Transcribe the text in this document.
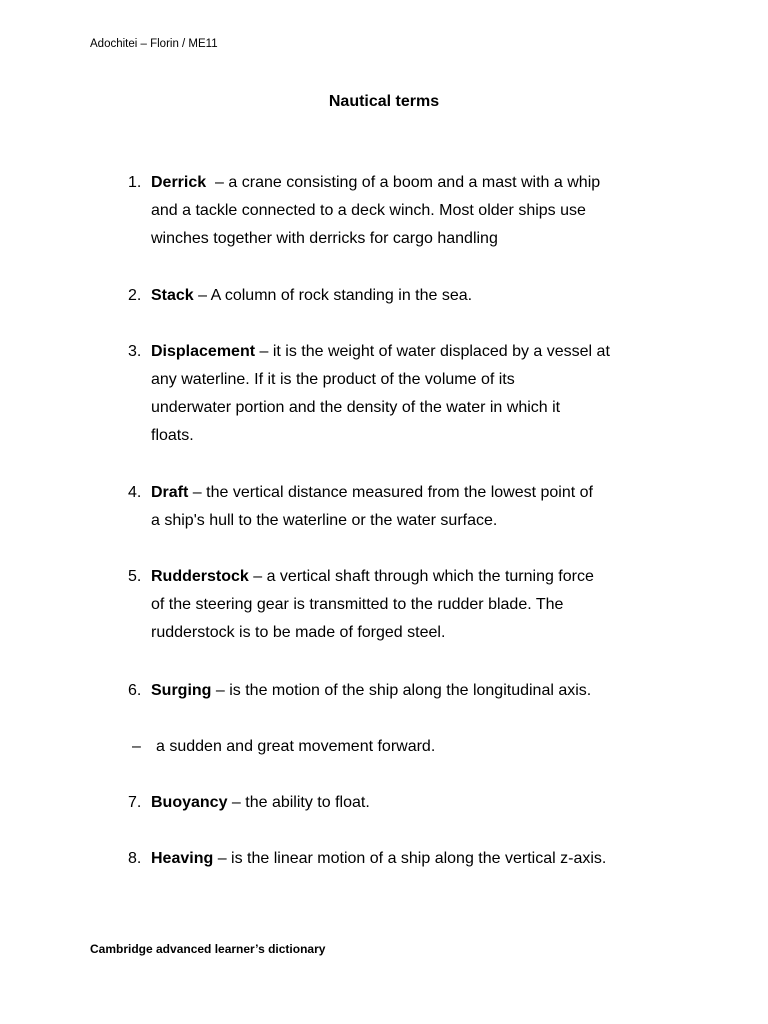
Adochitei – Florin / ME11
Nautical terms
1. Derrick  – a crane consisting of a boom and a mast with a whip
and a tackle connected to a deck winch. Most older ships use
winches together with derricks for cargo handling
2. Stack – A column of rock standing in the sea.
3. Displacement – it is the weight of water displaced by a vessel at
any waterline. If it is the product of the volume of its
underwater portion and the density of the water in which it
floats.
4. Draft – the vertical distance measured from the lowest point of
a ship's hull to the waterline or the water surface.
5. Rudderstock – a vertical shaft through which the turning force
of the steering gear is transmitted to the rudder blade. The
rudderstock is to be made of forged steel.
6. Surging – is the motion of the ship along the longitudinal axis.
– a sudden and great movement forward.
7. Buoyancy – the ability to float.
8. Heaving – is the linear motion of a ship along the vertical z-axis.
Cambridge advanced learner’s dictionary
